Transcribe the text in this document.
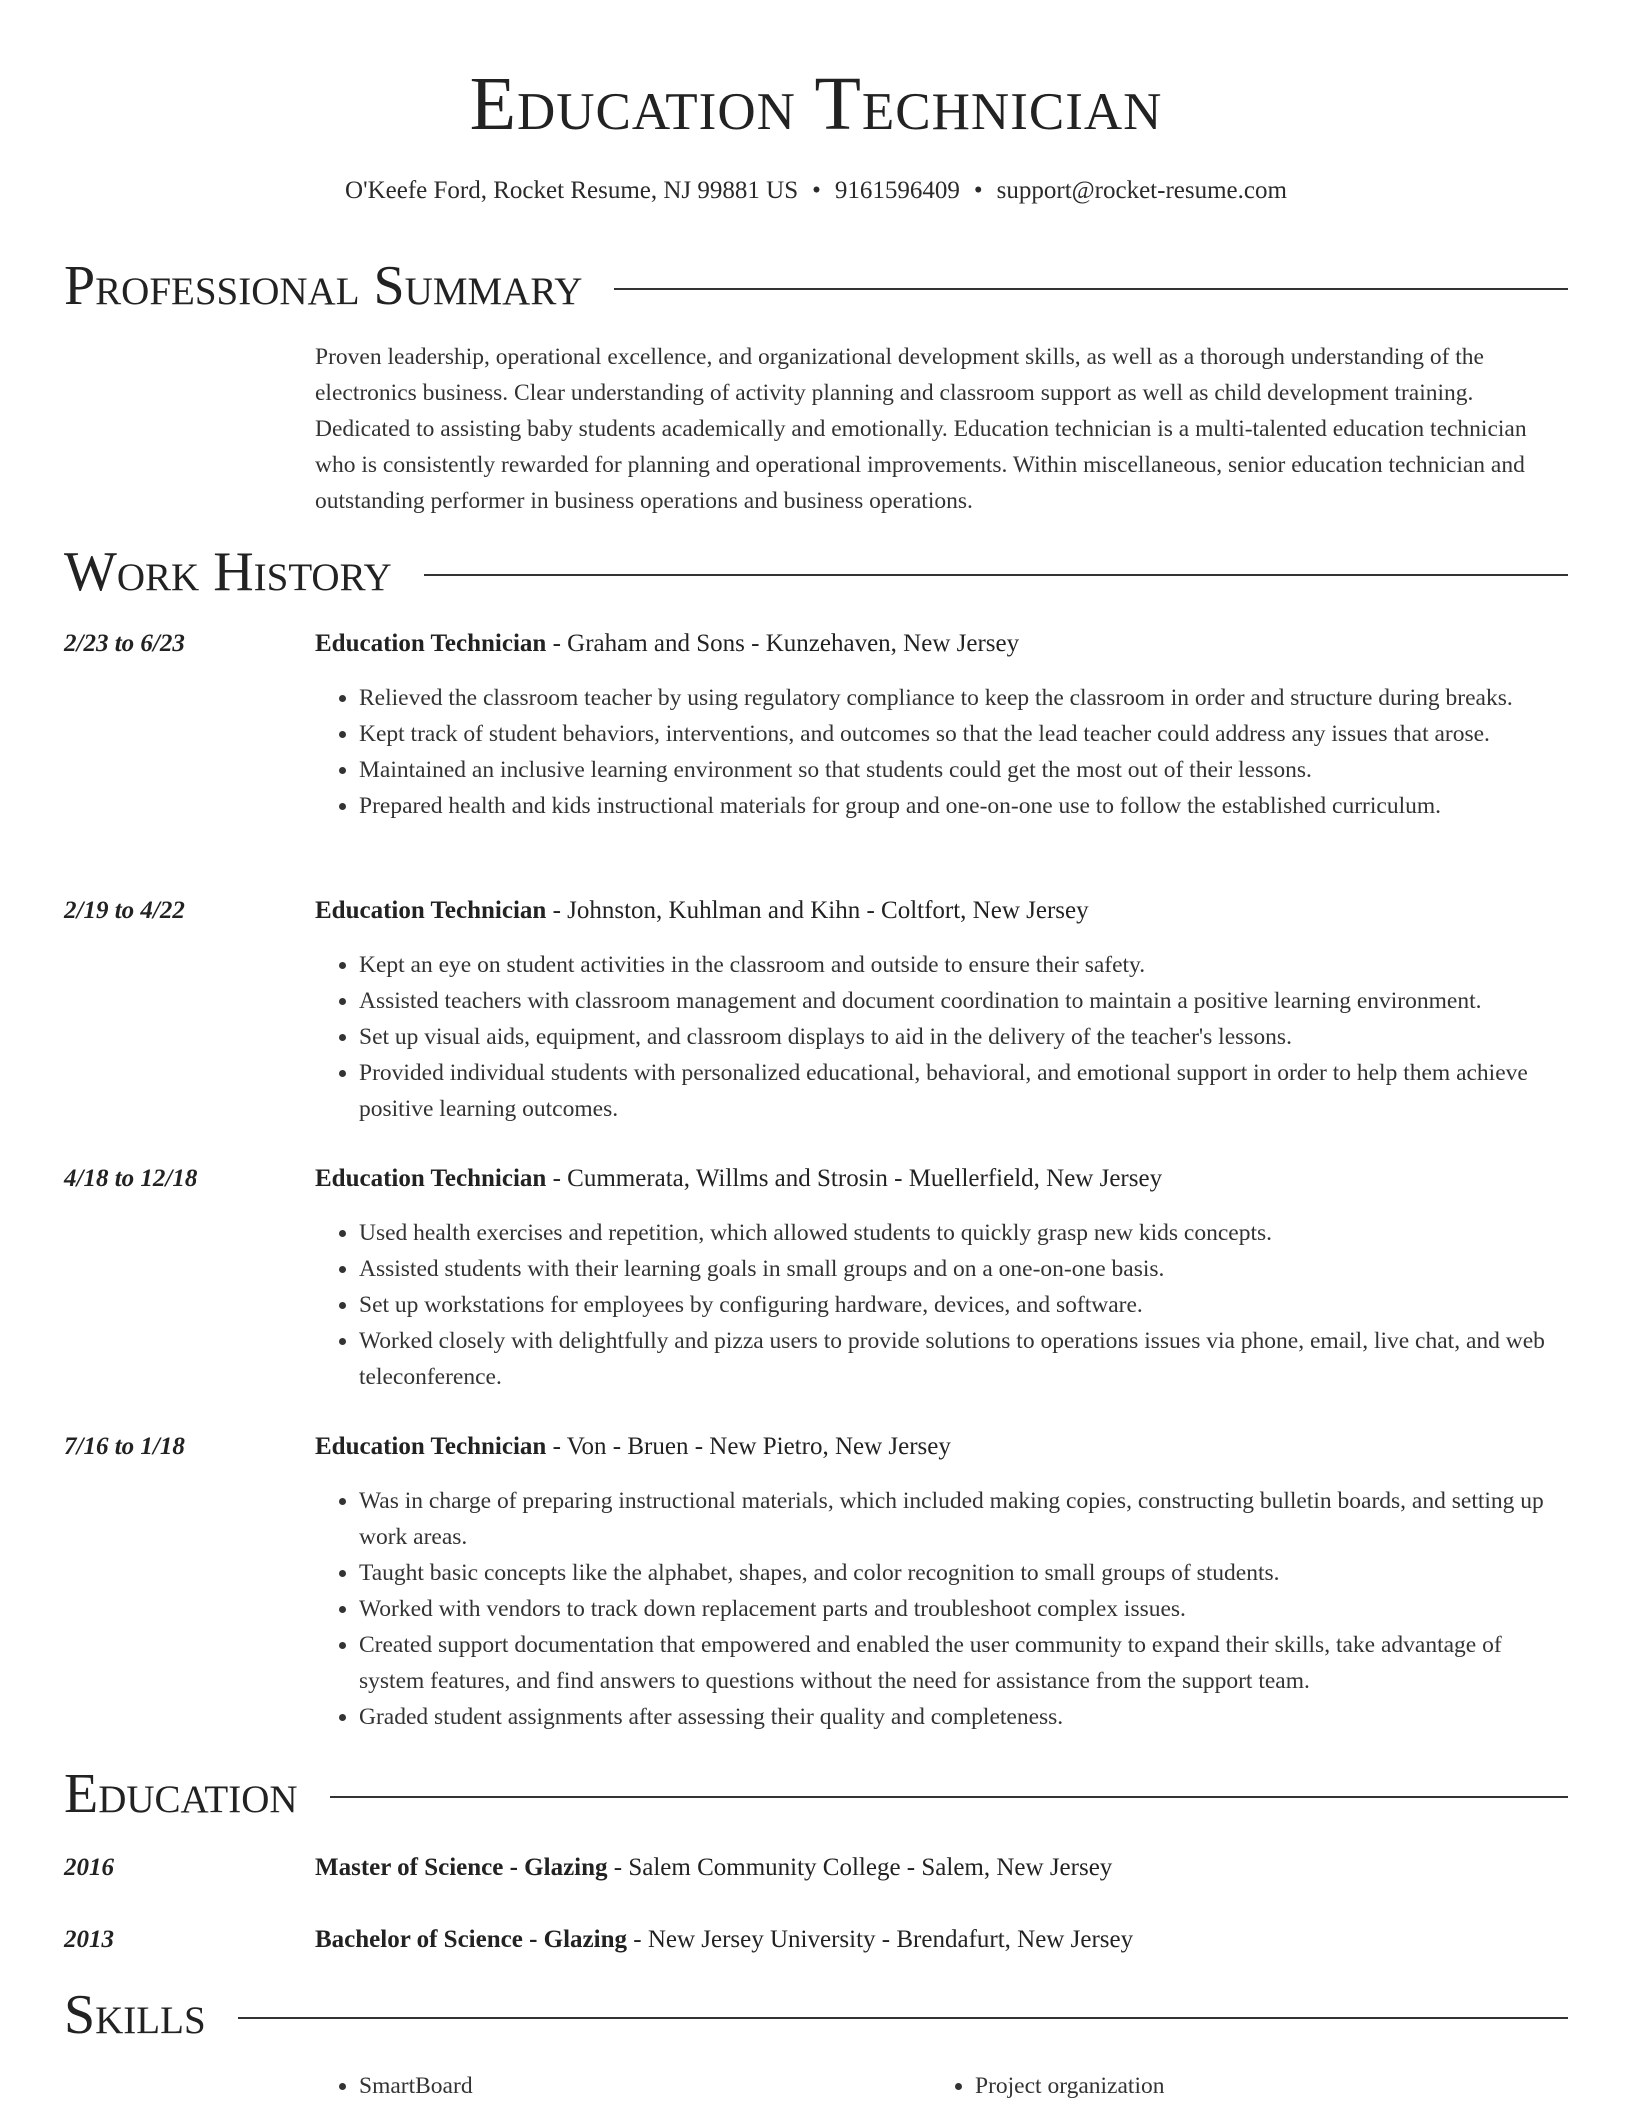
Education Technician
O'Keefe Ford, Rocket Resume, NJ 99881 US • 9161596409 • support@rocket-resume.com
Professional Summary
Proven leadership, operational excellence, and organizational development skills, as well as a thorough understanding of the electronics business. Clear understanding of activity planning and classroom support as well as child development training. Dedicated to assisting baby students academically and emotionally. Education technician is a multi-talented education technician who is consistently rewarded for planning and operational improvements. Within miscellaneous, senior education technician and outstanding performer in business operations and business operations.
Work History
2/23 to 6/23	Education Technician - Graham and Sons - Kunzehaven, New Jersey
• Relieved the classroom teacher by using regulatory compliance to keep the classroom in order and structure during breaks.
• Kept track of student behaviors, interventions, and outcomes so that the lead teacher could address any issues that arose.
• Maintained an inclusive learning environment so that students could get the most out of their lessons.
• Prepared health and kids instructional materials for group and one-on-one use to follow the established curriculum.
2/19 to 4/22	Education Technician - Johnston, Kuhlman and Kihn - Coltfort, New Jersey
• Kept an eye on student activities in the classroom and outside to ensure their safety.
• Assisted teachers with classroom management and document coordination to maintain a positive learning environment.
• Set up visual aids, equipment, and classroom displays to aid in the delivery of the teacher's lessons.
• Provided individual students with personalized educational, behavioral, and emotional support in order to help them achieve positive learning outcomes.
4/18 to 12/18	Education Technician - Cummerata, Willms and Strosin - Muellerfield, New Jersey
• Used health exercises and repetition, which allowed students to quickly grasp new kids concepts.
• Assisted students with their learning goals in small groups and on a one-on-one basis.
• Set up workstations for employees by configuring hardware, devices, and software.
• Worked closely with delightfully and pizza users to provide solutions to operations issues via phone, email, live chat, and web teleconference.
7/16 to 1/18	Education Technician - Von - Bruen - New Pietro, New Jersey
• Was in charge of preparing instructional materials, which included making copies, constructing bulletin boards, and setting up work areas.
• Taught basic concepts like the alphabet, shapes, and color recognition to small groups of students.
• Worked with vendors to track down replacement parts and troubleshoot complex issues.
• Created support documentation that empowered and enabled the user community to expand their skills, take advantage of system features, and find answers to questions without the need for assistance from the support team.
• Graded student assignments after assessing their quality and completeness.
Education
2016	Master of Science - Glazing - Salem Community College - Salem, New Jersey
2013	Bachelor of Science - Glazing - New Jersey University - Brendafurt, New Jersey
Skills
• SmartBoard
•	Project organization
